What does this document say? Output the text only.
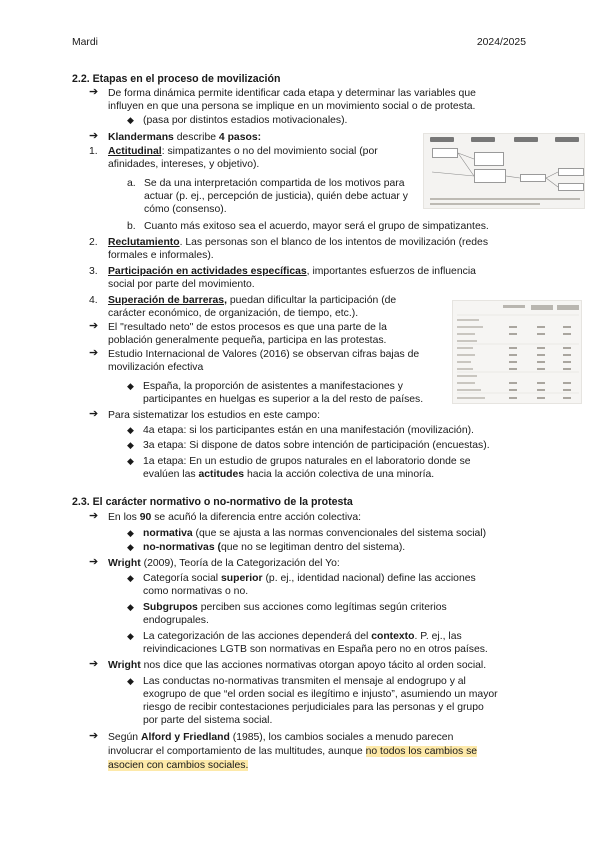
Mardi	2024/2025
2.2. Etapas en el proceso de movilización
➔ De forma dinámica permite identificar cada etapa y determinar las variables que
influyen en que una persona se implique en un movimiento social o de protesta.
◆ (pasa por distintos estadios motivacionales).
➔ Klandermans describe 4 pasos:
1. Actitudinal: simpatizantes o no del movimiento social (por
afinidades, intereses, y objetivo).
a. Se da una interpretación compartida de los motivos para
actuar (p. ej., percepción de justicia), quién debe actuar y
cómo (consenso).
b. Cuanto más exitoso sea el acuerdo, mayor será el grupo de simpatizantes.
2. Reclutamiento. Las personas son el blanco de los intentos de movilización (redes
formales e informales).
3. Participación en actividades específicas, importantes esfuerzos de influencia
social por parte del movimiento.
4. Superación de barreras, puedan dificultar la participación (de
carácter económico, de organización, de tiempo, etc.).
➔ El "resultado neto" de estos procesos es que una parte de la
población generalmente pequeña, participa en las protestas.
➔ Estudio Internacional de Valores (2016) se observan cifras bajas de
movilización efectiva
◆ España, la proporción de asistentes a manifestaciones y
participantes en huelgas es superior a la del resto de países.
➔ Para sistematizar los estudios en este campo:
◆ 4a etapa: si los participantes están en una manifestación (movilización).
◆ 3a etapa: Si dispone de datos sobre intención de participación (encuestas).
◆ 1a etapa: En un estudio de grupos naturales en el laboratorio donde se
evalúen las actitudes hacia la acción colectiva de una minoría.
2.3. El carácter normativo o no-normativo de la protesta
➔ En los 90 se acuñó la diferencia entre acción colectiva:
◆ normativa (que se ajusta a las normas convencionales del sistema social)
◆ no-normativas (que no se legitiman dentro del sistema).
➔ Wright (2009), Teoría de la Categorización del Yo:
◆ Categoría social superior (p. ej., identidad nacional) define las acciones
como normativas o no.
◆ Subgrupos perciben sus acciones como legítimas según criterios
endogrupales.
◆ La categorización de las acciones dependerá del contexto. P. ej., las
reivindicaciones LGTB son normativas en España pero no en otros países.
➔ Wright nos dice que las acciones normativas otorgan apoyo tácito al orden social.
◆ Las conductas no-normativas transmiten el mensaje al endogrupo y al
exogrupo de que “el orden social es ilegítimo e injusto”, asumiendo un mayor
riesgo de recibir contestaciones perjudiciales para las personas y el grupo
por parte del sistema social.
➔ Según Alford y Friedland (1985), los cambios sociales a menudo parecen
involucrar el comportamiento de las multitudes, aunque no todos los cambios se
asocien con cambios sociales.
